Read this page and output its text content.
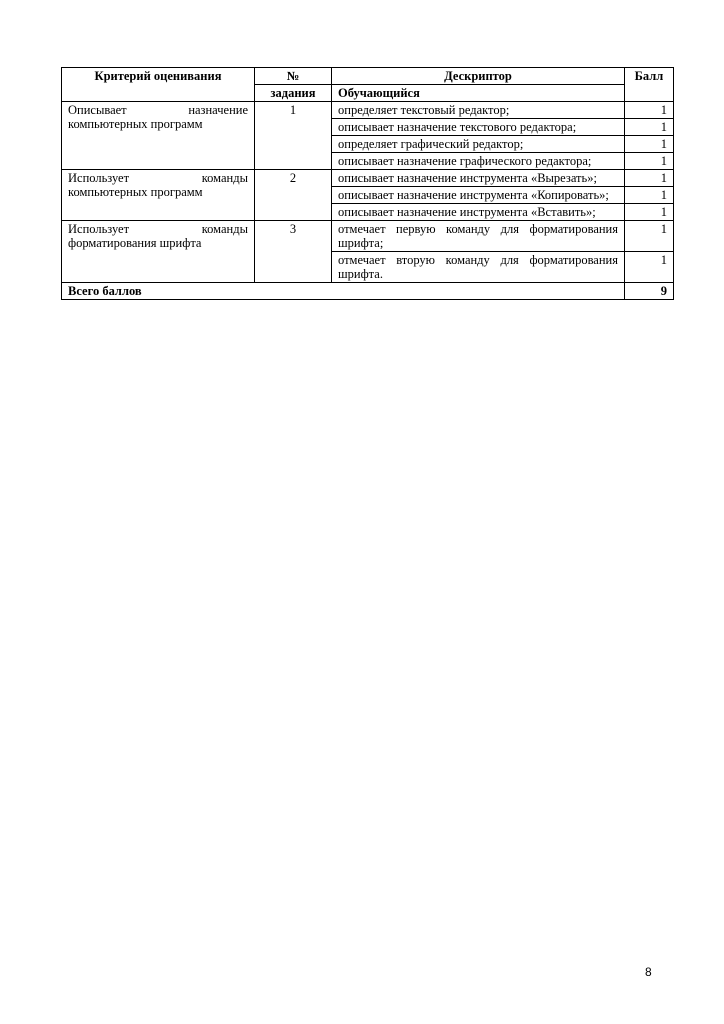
Критерий оценивания	№	Дескриптор	Балл
	задания	Обучающийся	
Описывает назначение компьютерных программ	1	определяет текстовый редактор;	1
		описывает назначение текстового редактора;	1
		определяет графический редактор;	1
		описывает назначение графического редактора;	1
Использует команды компьютерных программ	2	описывает назначение инструмента «Вырезать»;	1
		описывает назначение инструмента «Копировать»;	1
		описывает назначение инструмента «Вставить»;	1
Использует команды форматирования шрифта	3	отмечает первую команду для форматирования шрифта;	1
		отмечает вторую команду для форматирования шрифта.	1
Всего баллов			9
8
